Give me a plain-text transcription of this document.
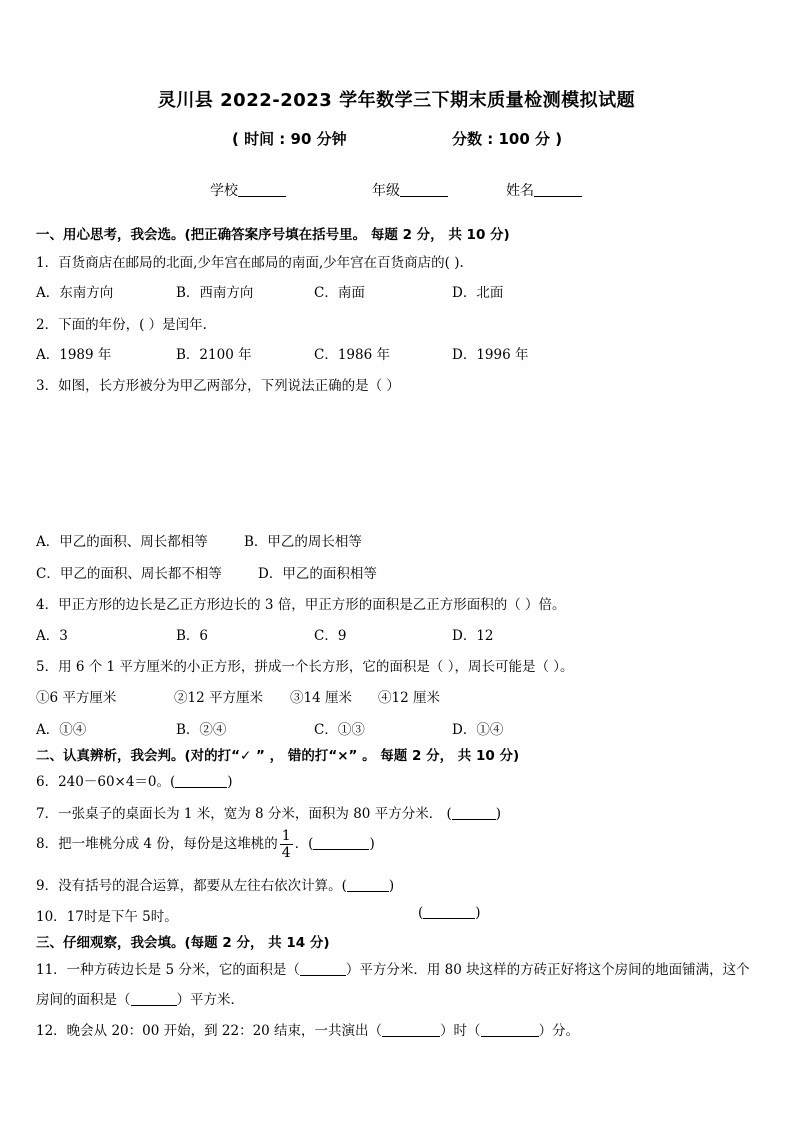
灵川县 2022-2023 学年数学三下期末质量检测模拟试题
( 时间 : 90 分钟	分数 : 100 分 )
学校	年级	姓名
一、用心思考，我会选。(把正确答案序号填在括号里。 每题 2 分， 共 10 分)
1．百货商店在邮局的北面,少年宫在邮局的南面,少年宫在百货商店的( ).
A．东南方向	B．西南方向	C．南面	D．北面
2．下面的年份，( ）是闰年.
A．1989 年	B．2100 年	C．1986 年	D．1996 年
3．如图，长方形被分为甲乙两部分，下列说法正确的是（ ）
A．甲乙的面积、周长都相等	B．甲乙的周长相等
C．甲乙的面积、周长都不相等	D．甲乙的面积相等
4．甲正方形的边长是乙正方形边长的 3 倍，甲正方形的面积是乙正方形面积的（ ）倍。
A．3	B．6	C．9	D．12
5．用 6 个 1 平方厘米的小正方形，拼成一个长方形，它的面积是（ ），周长可能是（ ）。
①6 平方厘米	②12 平方厘米 ③14 厘米 ④12 厘米
A．①④	B．②④	C．①③	D．①④
二、认真辨析，我会判。(对的打“✓ ” ， 错的打“×” 。 每题 2 分， 共 10 分)
6．240－60×4＝0。(	)
7．一张桌子的桌面长为 1 米，宽为 8 分米，面积为 80 平方分米． (	)
8．把一堆桃分成 4 份，每份是这堆桃的 $\frac{1}{4}$ ．(	)
9．没有括号的混合运算，都要从左往右依次计算。(	)
10．17时是下午 5时。	(	)
三、仔细观察，我会填。(每题 2 分， 共 14 分)
11．一种方砖边长是 5 分米，它的面积是（	）平方分米．用 80 块这样的方砖正好将这个房间的地面铺满，这个
房间的面积是（	）平方米．
12．晚会从 20：00 开始，到 22：20 结束，一共演出（	）时（	）分。
